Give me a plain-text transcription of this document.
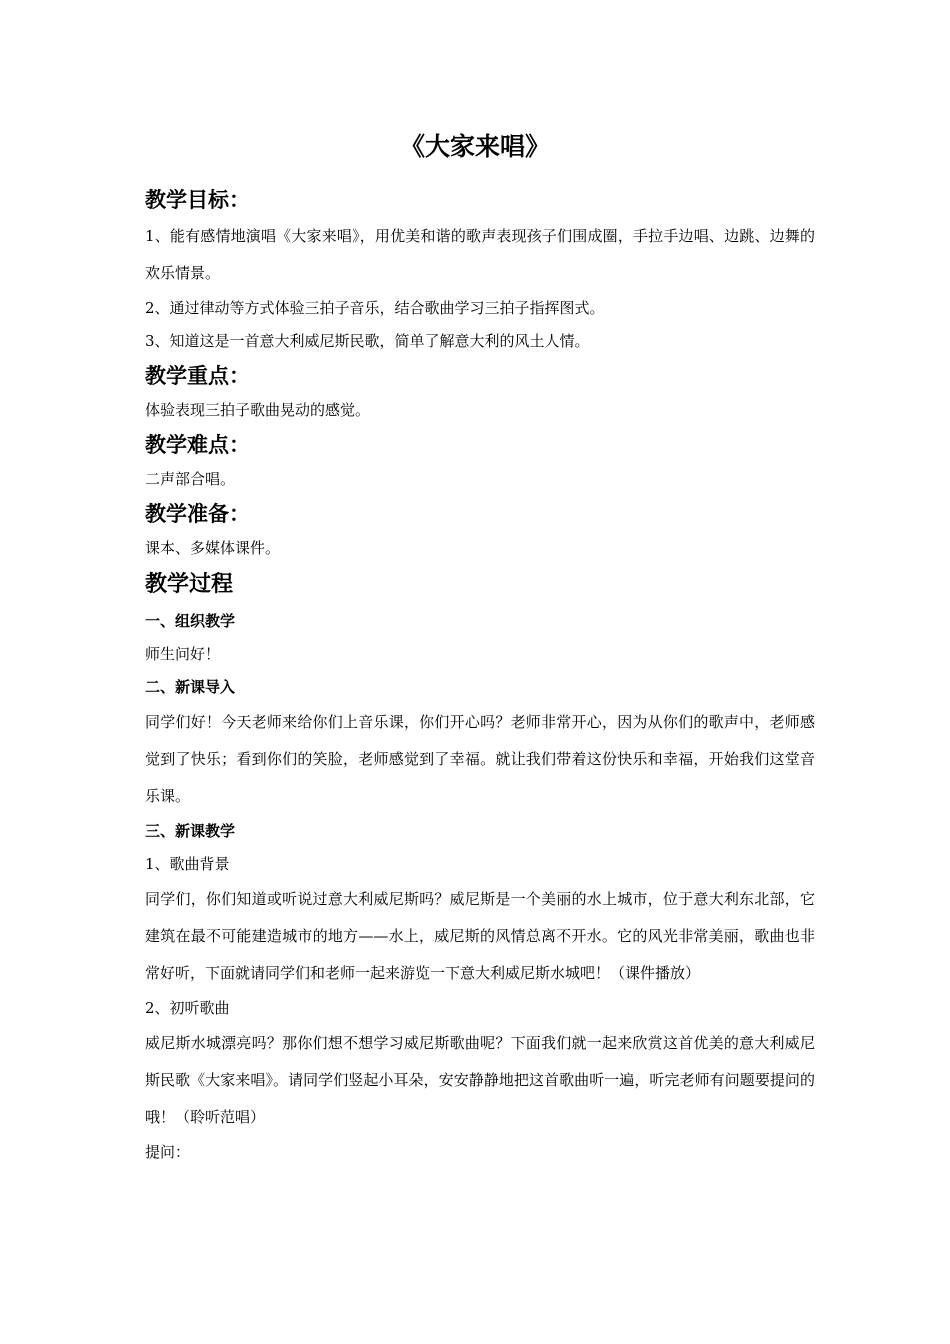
《大家来唱》
教学目标：
1、能有感情地演唱《大家来唱》，用优美和谐的歌声表现孩子们围成圈，手拉手边唱、边跳、边舞的欢乐情景。
2、通过律动等方式体验三拍子音乐，结合歌曲学习三拍子指挥图式。
3、知道这是一首意大利威尼斯民歌，简单了解意大利的风土人情。
教学重点：
体验表现三拍子歌曲晃动的感觉。
教学难点：
二声部合唱。
教学准备：
课本、多媒体课件。
教学过程
一、组织教学
师生问好！
二、新课导入
同学们好！今天老师来给你们上音乐课，你们开心吗？老师非常开心，因为从你们的歌声中，老师感觉到了快乐；看到你们的笑脸，老师感觉到了幸福。就让我们带着这份快乐和幸福，开始我们这堂音乐课。
三、新课教学
1、歌曲背景
同学们，你们知道或听说过意大利威尼斯吗？威尼斯是一个美丽的水上城市，位于意大利东北部，它建筑在最不可能建造城市的地方——水上，威尼斯的风情总离不开水。它的风光非常美丽，歌曲也非常好听，下面就请同学们和老师一起来游览一下意大利威尼斯水城吧！（课件播放）
2、初听歌曲
威尼斯水城漂亮吗？那你们想不想学习威尼斯歌曲呢？下面我们就一起来欣赏这首优美的意大利威尼斯民歌《大家来唱》。请同学们竖起小耳朵，安安静静地把这首歌曲听一遍，听完老师有问题要提问的哦！（聆听范唱）
提问：
